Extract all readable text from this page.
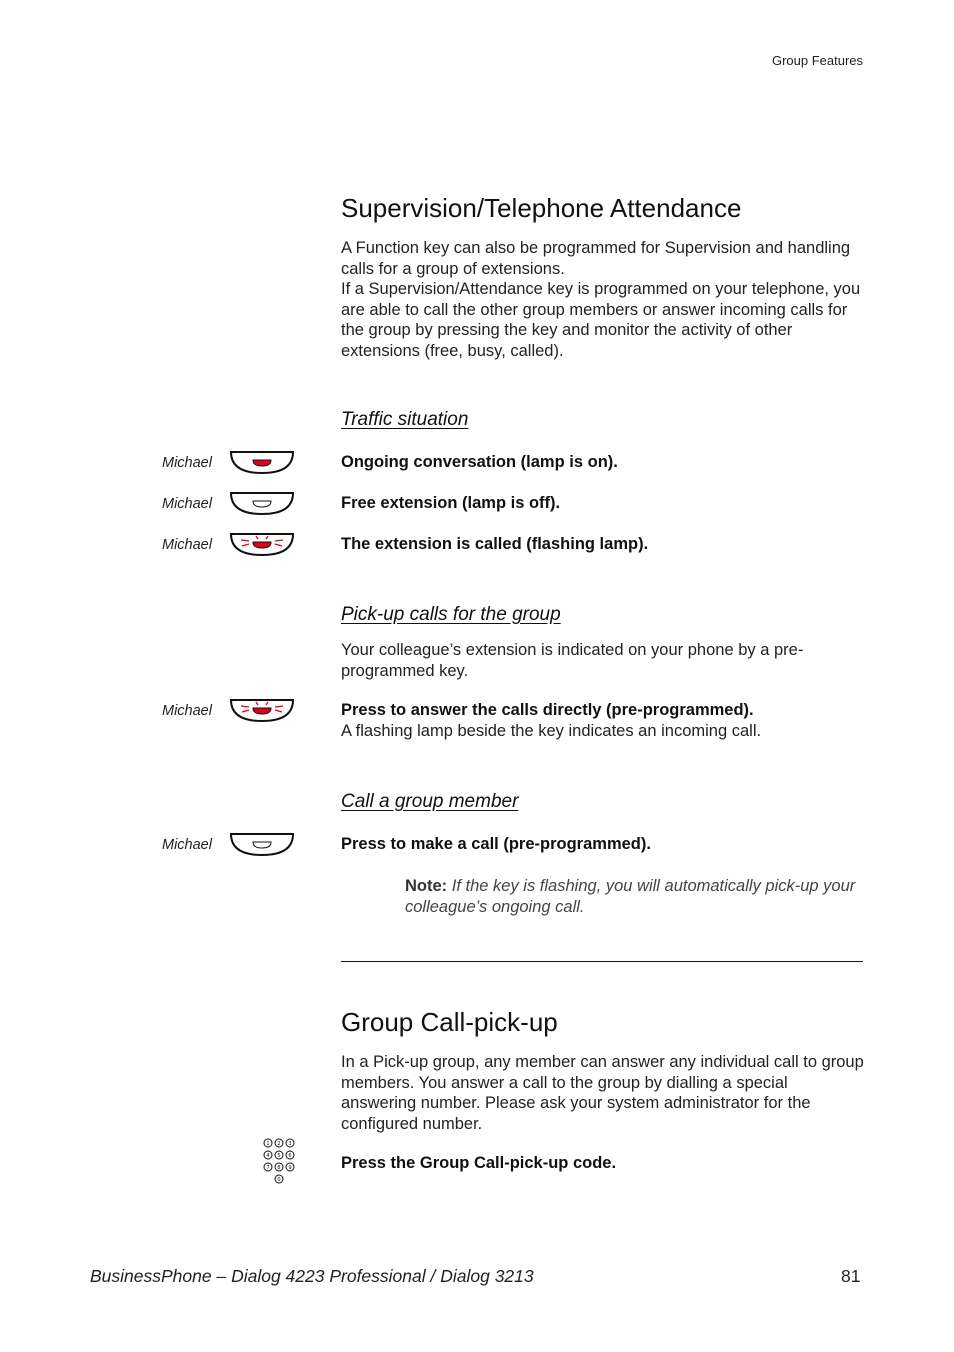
Group Features
Supervision/Telephone Attendance

A Function key can also be programmed for Supervision and handling calls for a group of extensions.

If a Supervision/Attendance key is programmed on your telephone, you are able to call the other group members or answer incoming calls for the group by pressing the key and monitor the activity of other extensions (free, busy, called).

Traffic situation
Michael	Ongoing conversation (lamp is on).
Michael	Free extension (lamp is off).
Michael	The extension is called (flashing lamp).
Pick-up calls for the group
Your colleague’s extension is indicated on your phone by a pre-programmed key.
Michael	Press to answer the calls directly (pre-programmed).
A flashing lamp beside the key indicates an incoming call.
Call a group member
Michael	Press to make a call (pre-programmed).
Note: If the key is flashing, you will automatically pick-up your colleague’s ongoing call.
Group Call-pick-up
In a Pick-up group, any member can answer any individual call to group members. You answer a call to the group by dialling a special answering number. Please ask your system administrator for the configured number.
1 2 3
4 5 6
7 8 9
0
Press the Group Call-pick-up code.
BusinessPhone – Dialog 4223 Professional / Dialog 3213	81
